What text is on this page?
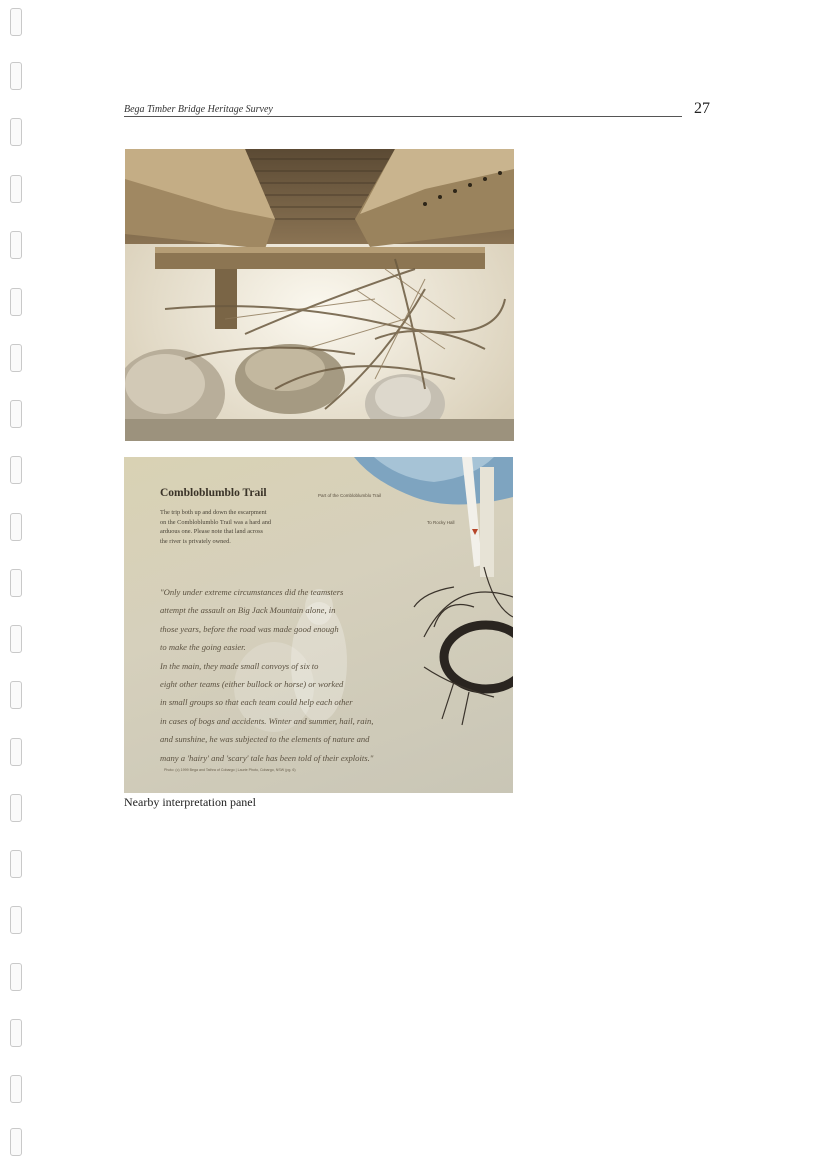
Bega Timber Bridge Heritage Survey	27
Combloblumblo Trail	Part of the Combloblumblo Trail
To Rocky Hall
The trip both up and down the escarpment
on the Combloblumblo Trail was a hard and
arduous one. Please note that land across
the river is privately owned.
"Only under extreme circumstances did the teamsters
attempt the assault on Big Jack Mountain alone, in
those years, before the road was made good enough
to make the going easier.
In the main, they made small convoys of six to
eight other teams (either bullock or horse) or worked
in small groups so that each team could help each other
in cases of bogs and accidents. Winter and summer, hail, rain,
and sunshine, he was subjected to the elements of nature and
many a 'hairy' and 'scary' tale has been told of their exploits."
Photo: (c) 1999 Bega and Tathra of Cobargo | Laurie Photo, Cobargo, NSW (pg. 6)
Nearby interpretation panel
